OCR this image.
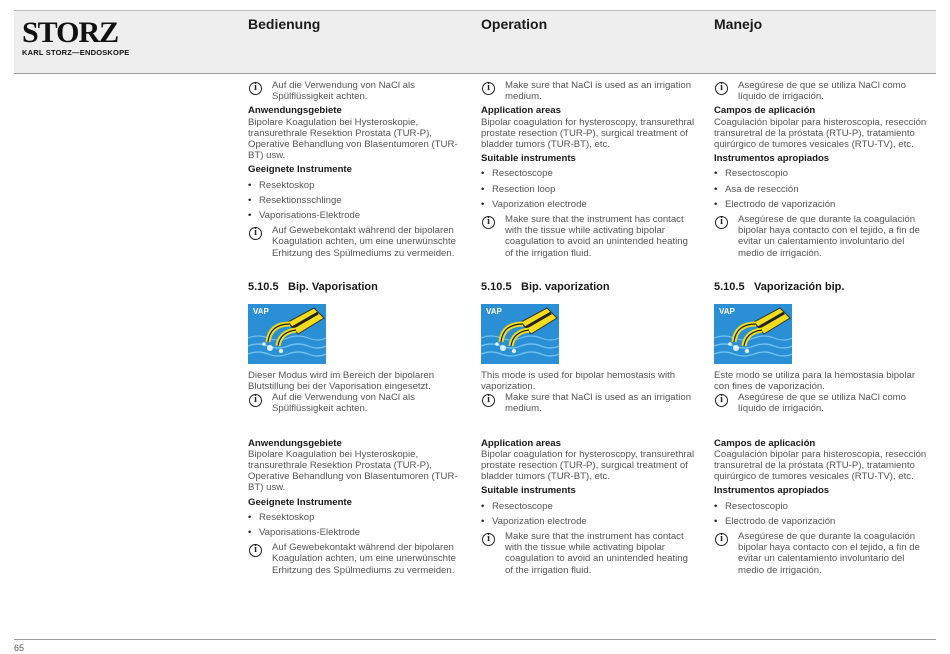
STORZ
KARL STORZ—ENDOSKOPE
Bedienung	Operation	Manejo
i	Auf die Verwendung von NaCl als Spülflüssigkeit achten.
Anwendungsgebiete
Bipolare Koagulation bei Hysteroskopie, transurethrale Resektion Prostata (TUR-P), Operative Behandlung von Blasentumoren (TUR-BT) usw.
Geeignete Instrumente
• Resektoskop
• Resektionsschlinge
• Vaporisations-Elektrode
i	Auf Gewebekontakt während der bipolaren Koagulation achten, um eine unerwünschte Erhitzung des Spülmediums zu vermeiden.
5.10.5 Bip. Vaporisation
VAP
Dieser Modus wird im Bereich der bipolaren Blutstillung bei der Vaporisation eingesetzt.
i	Auf die Verwendung von NaCl als Spülflüssigkeit achten.
Anwendungsgebiete
Bipolare Koagulation bei Hysteroskopie, transurethrale Resektion Prostata (TUR-P), Operative Behandlung von Blasentumoren (TUR-BT) usw.
Geeignete Instrumente
• Resektoskop
• Vaporisations-Elektrode
i	Auf Gewebekontakt während der bipolaren Koagulation achten, um eine unerwünschte Erhitzung des Spülmediums zu vermeiden.
i	Make sure that NaCl is used as an irrigation medium.
Application areas
Bipolar coagulation for hysteroscopy, transurethral prostate resection (TUR-P), surgical treatment of bladder tumors (TUR-BT), etc.
Suitable instruments
• Resectoscope
• Resection loop
• Vaporization electrode
i	Make sure that the instrument has contact with the tissue while activating bipolar coagulation to avoid an unintended heating of the irrigation fluid.
5.10.5 Bip. vaporization
VAP
This mode is used for bipolar hemostasis with vaporization.
i	Make sure that NaCl is used as an irrigation medium.
Application areas
Bipolar coagulation for hysteroscopy, transurethral prostate resection (TUR-P), surgical treatment of bladder tumors (TUR-BT), etc.
Suitable instruments
• Resectoscope
• Vaporization electrode
i	Make sure that the instrument has contact with the tissue while activating bipolar coagulation to avoid an unintended heating of the irrigation fluid.
i	Asegúrese de que se utiliza NaCl como líquido de irrigación.
Campos de aplicación
Coagulación bipolar para histeroscopia, resección transuretral de la próstata (RTU-P), tratamiento quirúrgico de tumores vesicales (RTU-TV), etc.
Instrumentos apropiados
• Resectoscopio
• Asa de resección
• Electrodo de vaporización
i	Asegúrese de que durante la coagulación bipolar haya contacto con el tejido, a fin de evitar un calentamiento involuntario del medio de irrigación.
5.10.5 Vaporización bip.
VAP
Este modo se utiliza para la hemostasia bipolar con fines de vaporización.
i	Asegúrese de que se utiliza NaCl como líquido de irrigación.
Campos de aplicación
Coagulación bipolar para histeroscopia, resección transuretral de la próstata (RTU-P), tratamiento quirúrgico de tumores vesicales (RTU-TV), etc.
Instrumentos apropiados
• Resectoscopio
• Electrodo de vaporización
i	Asegúrese de que durante la coagulación bipolar haya contacto con el tejido, a fin de evitar un calentamiento involuntario del medio de irrigación.
65
